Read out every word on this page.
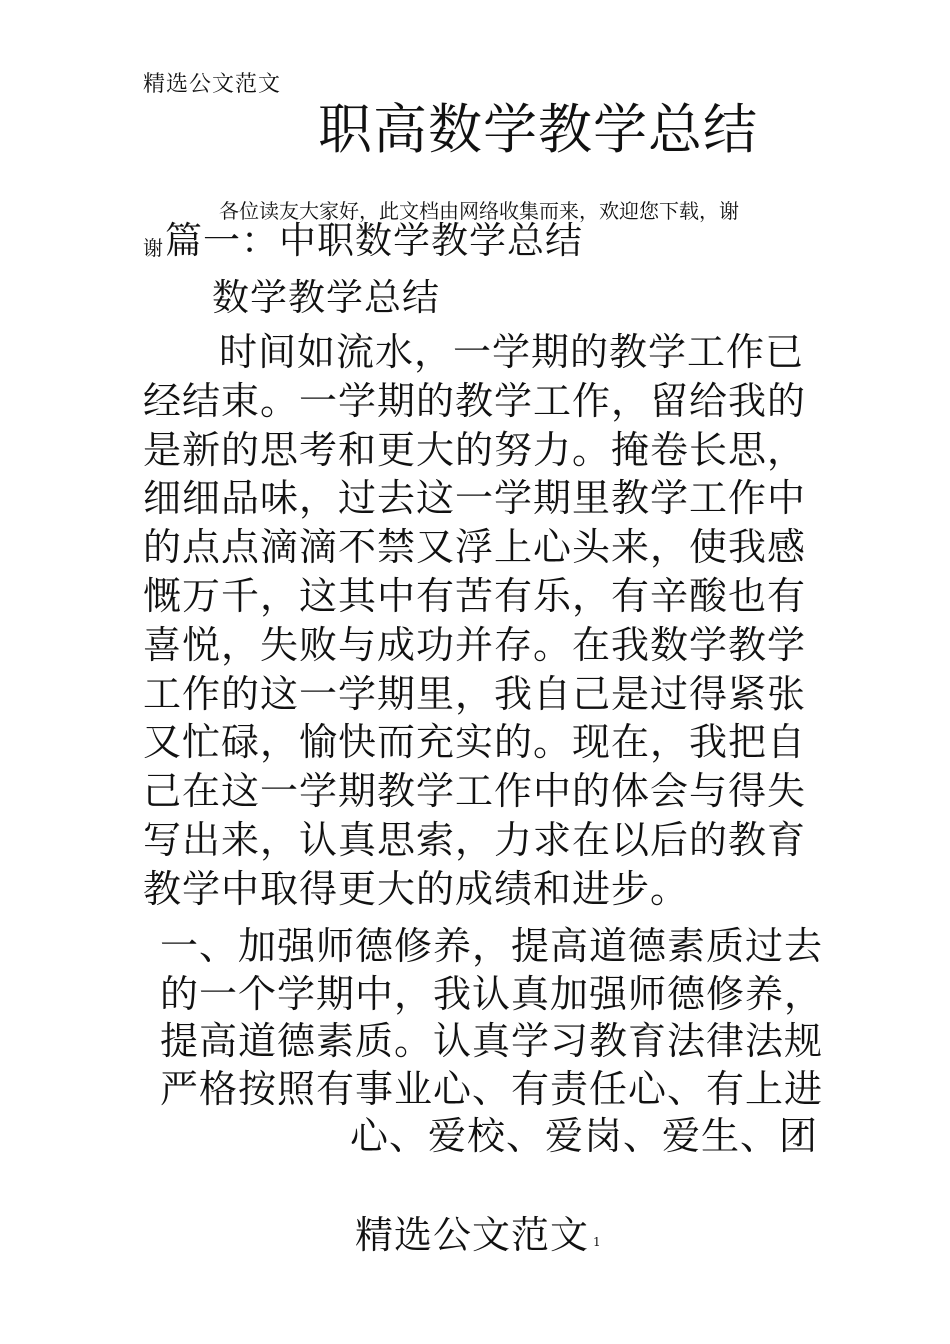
精选公文范文
职高数学教学总结
各位读友大家好，此文档由网络收集而来，欢迎您下载，谢
谢 篇一：中职数学教学总结
数学教学总结
时间如流水，一学期的教学工作已
经结束。一学期的教学工作，留给我的
是新的思考和更大的努力。掩卷长思，
细细品味，过去这一学期里教学工作中
的点点滴滴不禁又浮上心头来，使我感
慨万千，这其中有苦有乐，有辛酸也有
喜悦，失败与成功并存。在我数学教学
工作的这一学期里，我自己是过得紧张
又忙碌，愉快而充实的。现在，我把自
己在这一学期教学工作中的体会与得失
写出来，认真思索，力求在以后的教育
教学中取得更大的成绩和进步。
一、加强师德修养，提高道德素质过去
的一个学期中，我认真加强师德修养，
提高道德素质。认真学习教育法律法规
严格按照有事业心、有责任心、有上进
心、爱校、爱岗、爱生、团
精选公文范文 1
